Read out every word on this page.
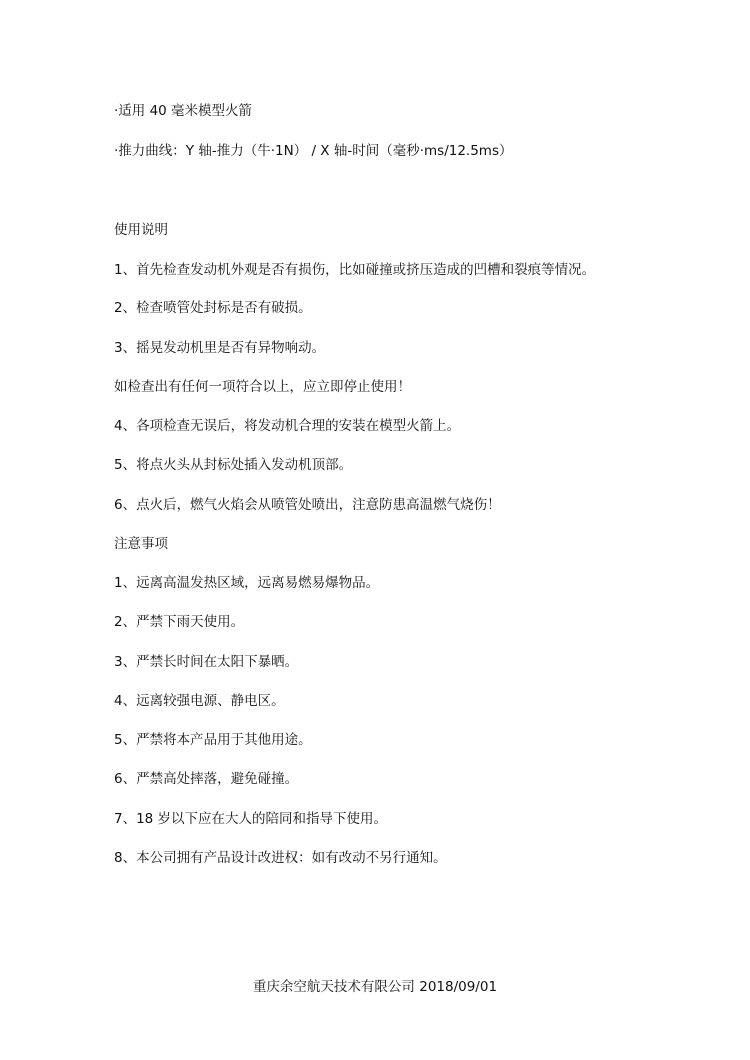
·适用 40 毫米模型火箭
·推力曲线：Y 轴-推力（牛·1N） / X 轴-时间（毫秒·ms/12.5ms）
使用说明
1、首先检查发动机外观是否有损伤，比如碰撞或挤压造成的凹槽和裂痕等情况。
2、检查喷管处封标是否有破损。
3、摇晃发动机里是否有异物响动。
如检查出有任何一项符合以上，应立即停止使用！
4、各项检查无误后，将发动机合理的安装在模型火箭上。
5、将点火头从封标处插入发动机顶部。
6、点火后，燃气火焰会从喷管处喷出，注意防患高温燃气烧伤！
注意事项
1、远离高温发热区域，远离易燃易爆物品。
2、严禁下雨天使用。
3、严禁长时间在太阳下暴晒。
4、远离较强电源、静电区。
5、严禁将本产品用于其他用途。
6、严禁高处摔落，避免碰撞。
7、18 岁以下应在大人的陪同和指导下使用。
8、本公司拥有产品设计改进权：如有改动不另行通知。
重庆余空航天技术有限公司 2018/09/01
